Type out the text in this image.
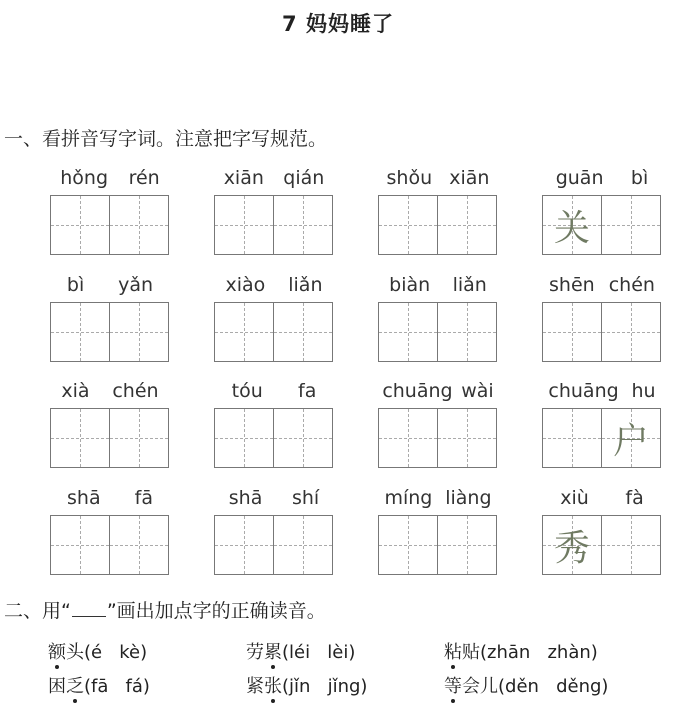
7 妈妈睡了
一、看拼音写字词。注意把字写规范。
hǒng rén	xiān qián	shǒu xiān	guān bì
关
bì yǎn	xiào liǎn	biàn liǎn	shēn chén
xià chén	tóu fa	chuāng wài	chuāng hu
户
shā fā	shā shí	míng liàng	xiù fà
秀
二、用“ ”画出加点字的正确读音。
额头(é   kè)	劳累(léi   lèi)	粘贴(zhān   zhàn)
困乏(fā   fá)	紧张(jǐn   jǐng)	等会儿(děn   děng)
